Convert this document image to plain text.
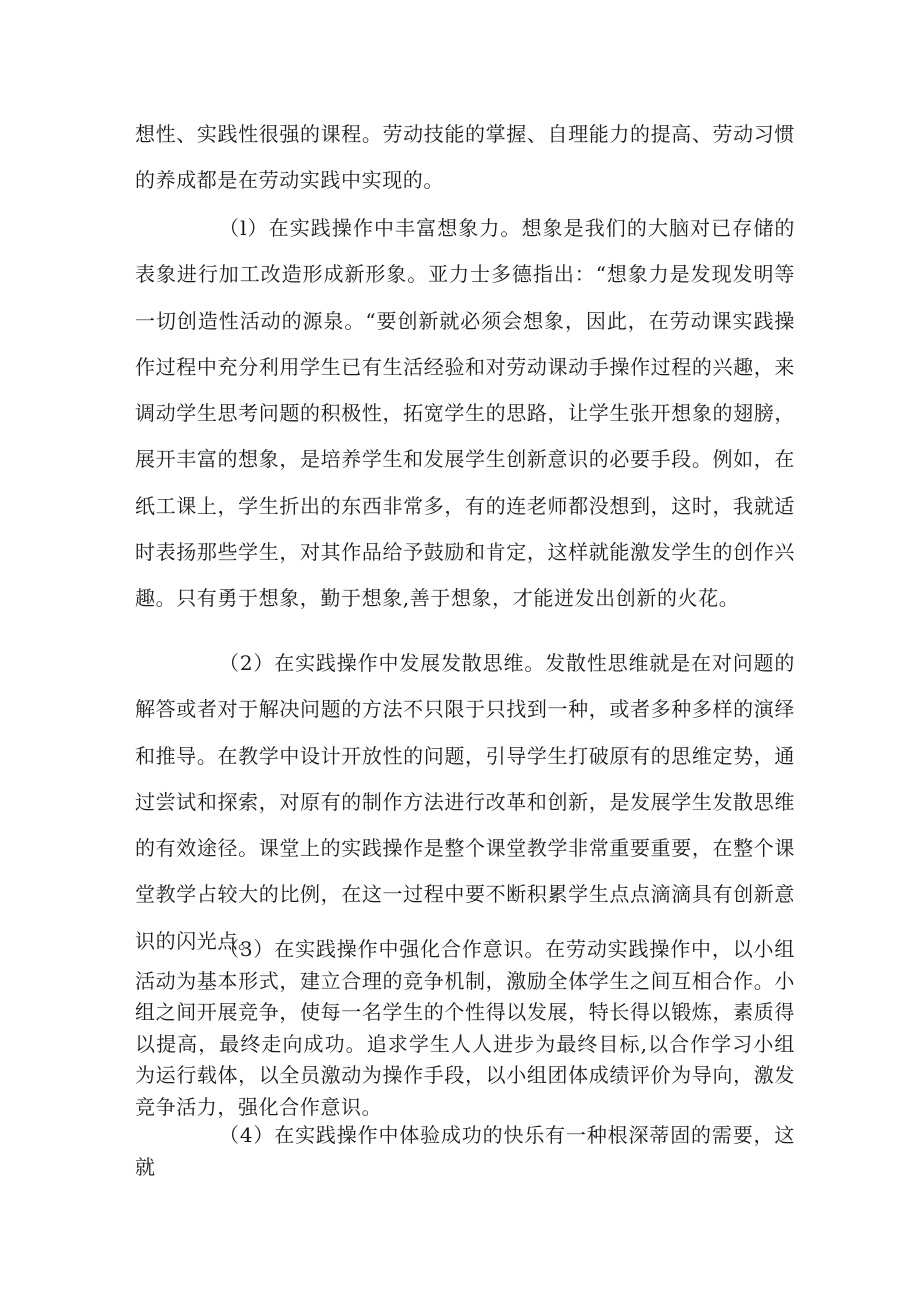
想性、实践性很强的课程。劳动技能的掌握、自理能力的提高、劳动习惯的养成都是在劳动实践中实现的。

（l）在实践操作中丰富想象力。想象是我们的大脑对已存储的表象进行加工改造形成新形象。亚力士多德指出：“想象力是发现发明等一切创造性活动的源泉。“要创新就必须会想象，因此，在劳动课实践操作过程中充分利用学生已有生活经验和对劳动课动手操作过程的兴趣，来调动学生思考问题的积极性，拓宽学生的思路，让学生张开想象的翅膀，展开丰富的想象，是培养学生和发展学生创新意识的必要手段。例如，在纸工课上，学生折出的东西非常多，有的连老师都没想到，这时，我就适时表扬那些学生，对其作品给予鼓励和肯定，这样就能激发学生的创作兴趣。只有勇于想象，勤于想象,善于想象，才能迸发出创新的火花。

（2）在实践操作中发展发散思维。发散性思维就是在对问题的解答或者对于解决问题的方法不只限于只找到一种，或者多种多样的演绎和推导。在教学中设计开放性的问题，引导学生打破原有的思维定势，通过尝试和探索，对原有的制作方法进行改革和创新，是发展学生发散思维的有效途径。课堂上的实践操作是整个课堂教学非常重要重要，在整个课堂教学占较大的比例，在这一过程中要不断积累学生点点滴滴具有创新意识的闪光点。

（3）在实践操作中强化合作意识。在劳动实践操作中，以小组活动为基本形式，建立合理的竞争机制，激励全体学生之间互相合作。小组之间开展竞争，使每一名学生的个性得以发展，特长得以锻炼，素质得以提高，最终走向成功。追求学生人人进步为最终目标,以合作学习小组为运行载体，以全员激动为操作手段，以小组团体成绩评价为导向，激发竞争活力，强化合作意识。

（4）在实践操作中体验成功的快乐有一种根深蒂固的需要，这就
